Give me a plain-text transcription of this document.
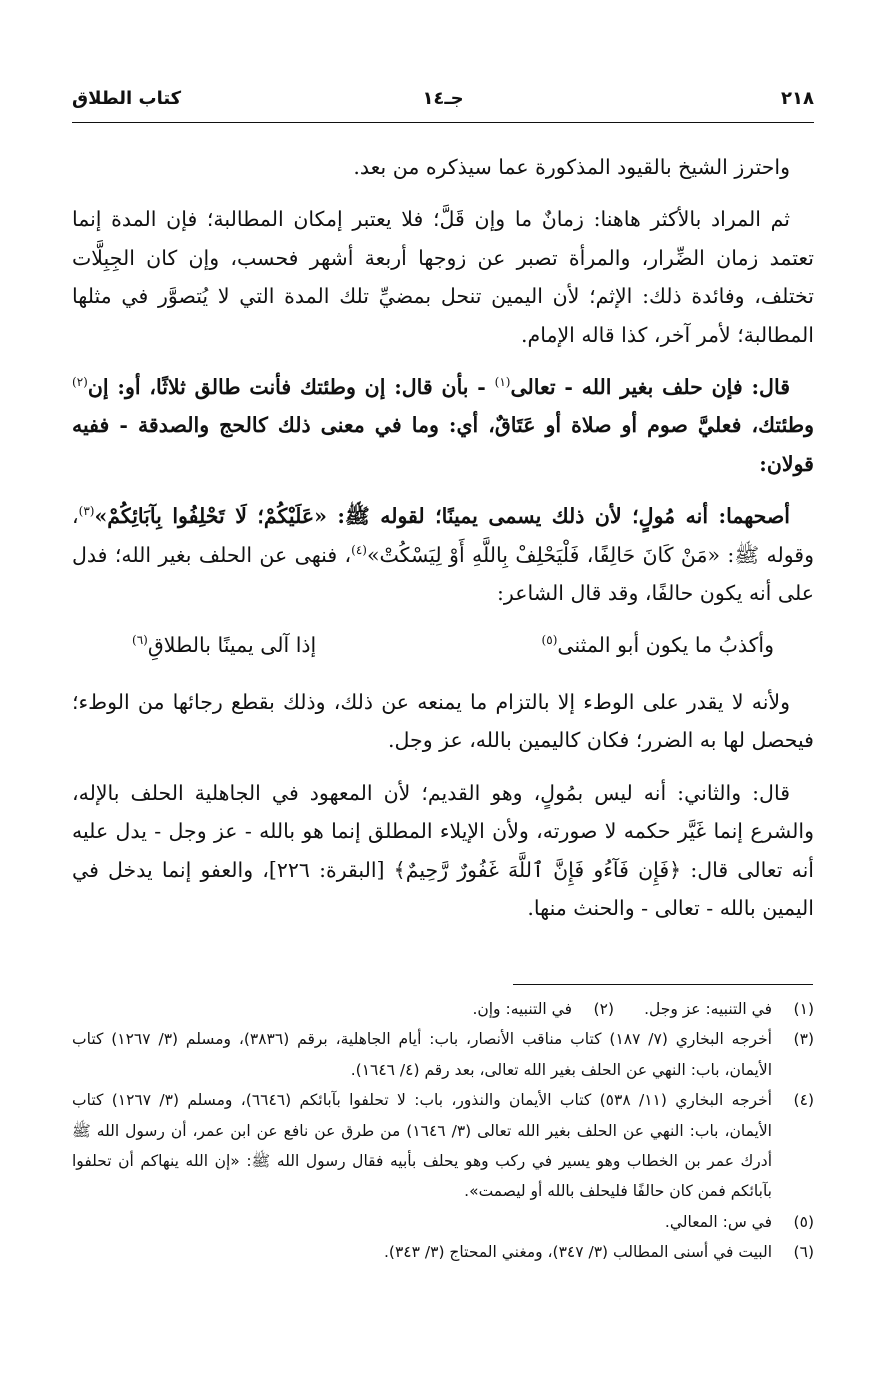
٢١٨
جـ١٤
كتاب الطلاق

واحترز الشيخ بالقيود المذكورة عما سيذكره من بعد.

ثم المراد بالأكثر هاهنا: زمانٌ ما وإن قَلَّ؛ فلا يعتبر إمكان المطالبة؛ فإن المدة إنما تعتمد زمان الضِّرار، والمرأة تصبر عن زوجها أربعة أشهر فحسب، وإن كان الجِبِلَّات تختلف، وفائدة ذلك: الإثم؛ لأن اليمين تنحل بمضيِّ تلك المدة التي لا يُتصوَّر في مثلها المطالبة؛ لأمر آخر، كذا قاله الإمام.

قال: فإن حلف بغير الله - تعالى$^{(١)}$ - بأن قال: إن وطئتك فأنت طالق ثلاثًا، أو: إن$^{(٢)}$ وطئتك، فعليَّ صوم أو صلاة أو عَتَاقٌ، أي: وما في معنى ذلك كالحج والصدقة - ففيه قولان:

أصحهما: أنه مُولٍ؛ لأن ذلك يسمى يمينًا؛ لقوله ﷺ: «عَلَيْكُمْ؛ لَا تَحْلِفُوا بِآبَائِكُمْ»$^{(٣)}$، وقوله ﷺ: «مَنْ كَانَ حَالِفًا، فَلْيَحْلِفْ بِاللَّهِ أَوْ لِيَسْكُتْ»$^{(٤)}$، فنهى عن الحلف بغير الله؛ فدل على أنه يكون حالفًا، وقد قال الشاعر:

وأكذبُ ما يكون أبو المثنى$^{(٥)}$
إذا آلى يمينًا بالطلاقِ$^{(٦)}$

ولأنه لا يقدر على الوطء إلا بالتزام ما يمنعه عن ذلك، وذلك بقطع رجائها من الوطء؛ فيحصل لها به الضرر؛ فكان كاليمين بالله، عز وجل.

قال: والثاني: أنه ليس بمُولٍ، وهو القديم؛ لأن المعهود في الجاهلية الحلف بالإله، والشرع إنما غَيَّر حكمه لا صورته، ولأن الإيلاء المطلق إنما هو بالله - عز وجل - يدل عليه أنه تعالى قال: ﴿فَإِن فَآءُو فَإِنَّ ٱللَّهَ غَفُورٌ رَّحِيمٌ﴾ [البقرة: ٢٢٦]، والعفو إنما يدخل في اليمين بالله - تعالى - والحنث منها.

(١)
في التنبيه: عز وجل.
(٢)
في التنبيه: وإن.
(٣)
أخرجه البخاري (٧/ ١٨٧) كتاب مناقب الأنصار، باب: أيام الجاهلية، برقم (٣٨٣٦)، ومسلم (٣/ ١٢٦٧) كتاب الأيمان، باب: النهي عن الحلف بغير الله تعالى، بعد رقم (٤/ ١٦٤٦).
(٤)
أخرجه البخاري (١١/ ٥٣٨) كتاب الأيمان والنذور، باب: لا تحلفوا بآبائكم (٦٦٤٦)، ومسلم (٣/ ١٢٦٧) كتاب الأيمان، باب: النهي عن الحلف بغير الله تعالى (٣/ ١٦٤٦) من طرق عن نافع عن ابن عمر، أن رسول الله ﷺ أدرك عمر بن الخطاب وهو يسير في ركب وهو يحلف بأبيه فقال رسول الله ﷺ: «إن الله ينهاكم أن تحلفوا بآبائكم فمن كان حالفًا فليحلف بالله أو ليصمت».
(٥)
في س: المعالي.
(٦)
البيت في أسنى المطالب (٣/ ٣٤٧)، ومغني المحتاج (٣/ ٣٤٣).
